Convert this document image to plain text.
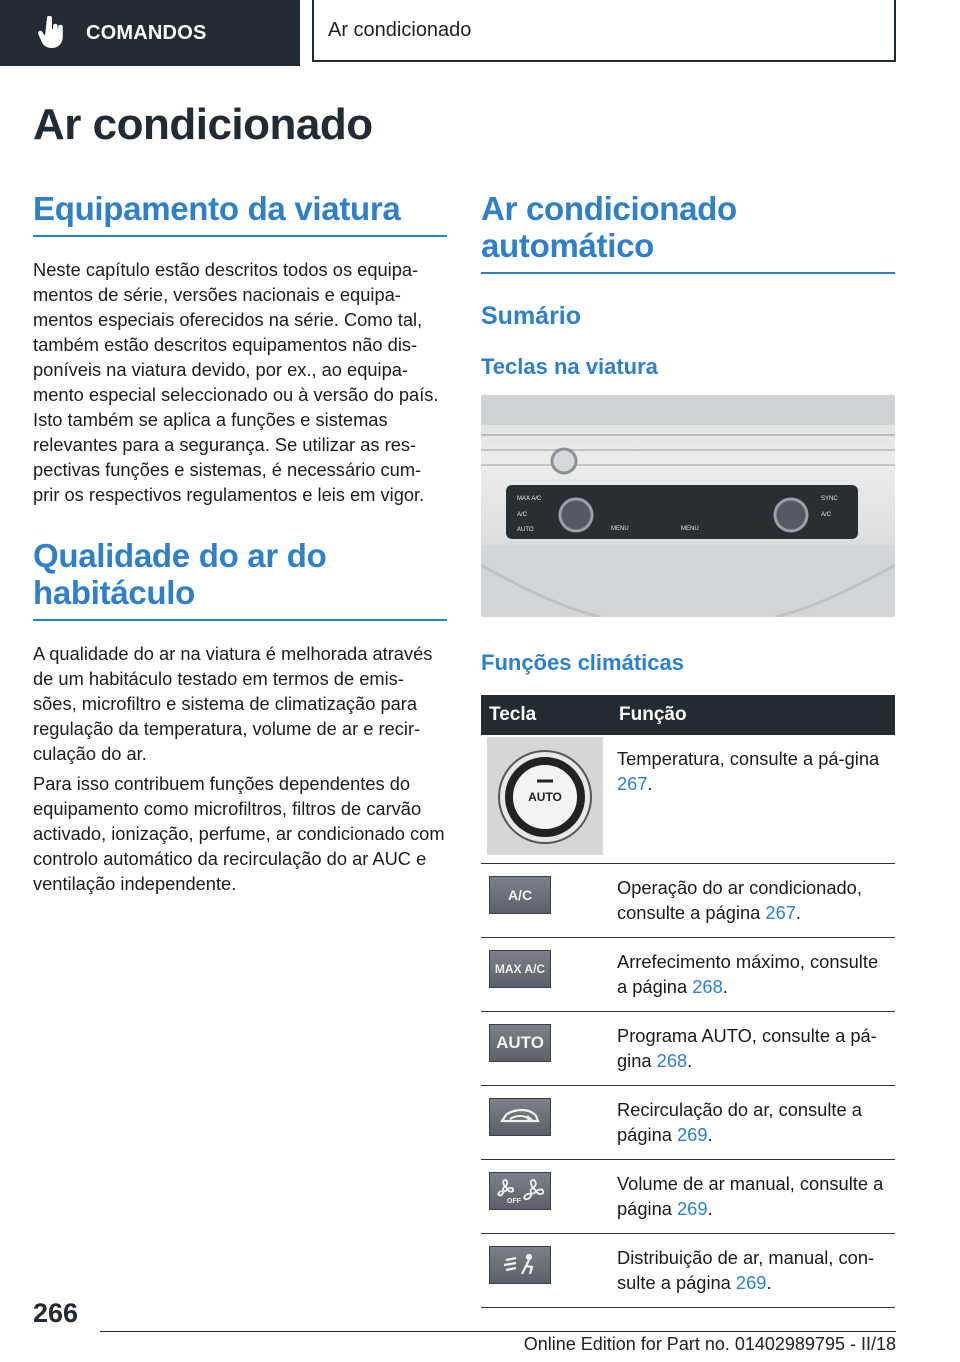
COMANDOS	Ar condicionado
Ar condicionado
Equipamento da viatura

Neste capítulo estão descritos todos os equipa-mentos de série, versões nacionais e equipa-mentos especiais oferecidos na série. Como tal, também estão descritos equipamentos não dis-poníveis na viatura devido, por ex., ao equipa-mento especial seleccionado ou à versão do país. Isto também se aplica a funções e sistemas relevantes para a segurança. Se utilizar as res-pectivas funções e sistemas, é necessário cum-prir os respectivos regulamentos e leis em vigor.

Qualidade do ar do habitáculo

A qualidade do ar na viatura é melhorada através de um habitáculo testado em termos de emis-sões, microfiltro e sistema de climatização para regulação da temperatura, volume de ar e recir-culação do ar.

Para isso contribuem funções dependentes do equipamento como microfiltros, filtros de carvão activado, ionização, perfume, ar condicionado com controlo automático da recirculação do ar AUC e ventilação independente.

Ar condicionado automático
Sumário
Teclas na viatura
MAX A/C
A/C
AUTO	MENU	MENU
SYNC
A/C
Funções climáticas
Tecla	Função

AUTO	Temperatura, consulte a pá-gina 267.

A/C	Operação do ar condicionado, consulte a página 267.

MAX A/C	Arrefecimento máximo, consulte a página 268.

AUTO	Programa AUTO, consulte a pá-gina 268.

	Recirculação do ar, consulte a página 269.

OFF	Volume de ar manual, consulte a página 269.

	Distribuição de ar, manual, con-sulte a página 269.
266
Online Edition for Part no. 01402989795 - II/18
